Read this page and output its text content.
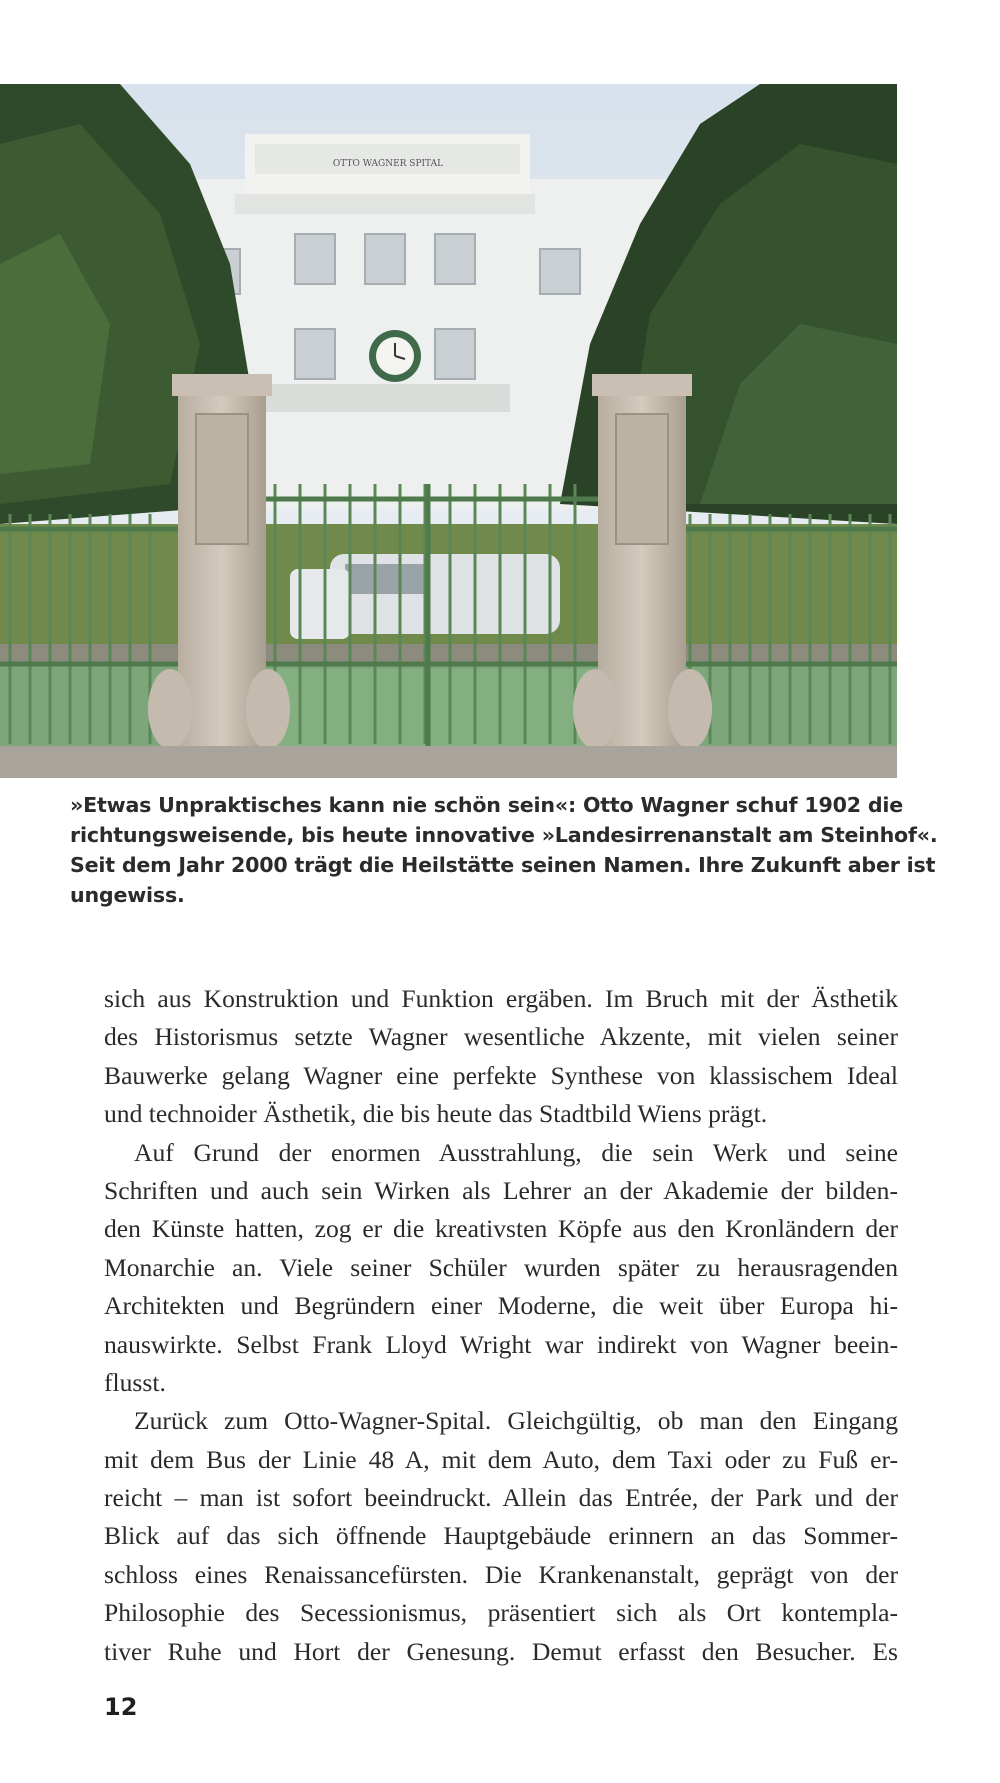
OTTO WAGNER SPITAL
»Etwas Unpraktisches kann nie schön sein«: Otto Wagner schuf 1902 die
richtungsweisende, bis heute innovative »Landesirrenanstalt am Steinhof«.
Seit dem Jahr 2000 trägt die Heilstätte seinen Namen. Ihre Zukunft aber ist
ungewiss.
sich aus Konstruktion und Funktion ergäben. Im Bruch mit der Ästhetik
des Historismus setzte Wagner wesentliche Akzente, mit vielen seiner
Bauwerke gelang Wagner eine perfekte Synthese von klassischem Ideal
und technoider Ästhetik, die bis heute das Stadtbild Wiens prägt.
Auf Grund der enormen Ausstrahlung, die sein Werk und seine
Schriften und auch sein Wirken als Lehrer an der Akademie der bilden-
den Künste hatten, zog er die kreativsten Köpfe aus den Kronländern der
Monarchie an. Viele seiner Schüler wurden später zu herausragenden
Architekten und Begründern einer Moderne, die weit über Europa hi-
nauswirkte. Selbst Frank Lloyd Wright war indirekt von Wagner beein-
flusst.
Zurück zum Otto-Wagner-Spital. Gleichgültig, ob man den Eingang
mit dem Bus der Linie 48 A, mit dem Auto, dem Taxi oder zu Fuß er-
reicht – man ist sofort beeindruckt. Allein das Entrée, der Park und der
Blick auf das sich öffnende Hauptgebäude erinnern an das Sommer-
schloss eines Renaissancefürsten. Die Krankenanstalt, geprägt von der
Philosophie des Secessionismus, präsentiert sich als Ort kontempla-
tiver Ruhe und Hort der Genesung. Demut erfasst den Besucher. Es
12
